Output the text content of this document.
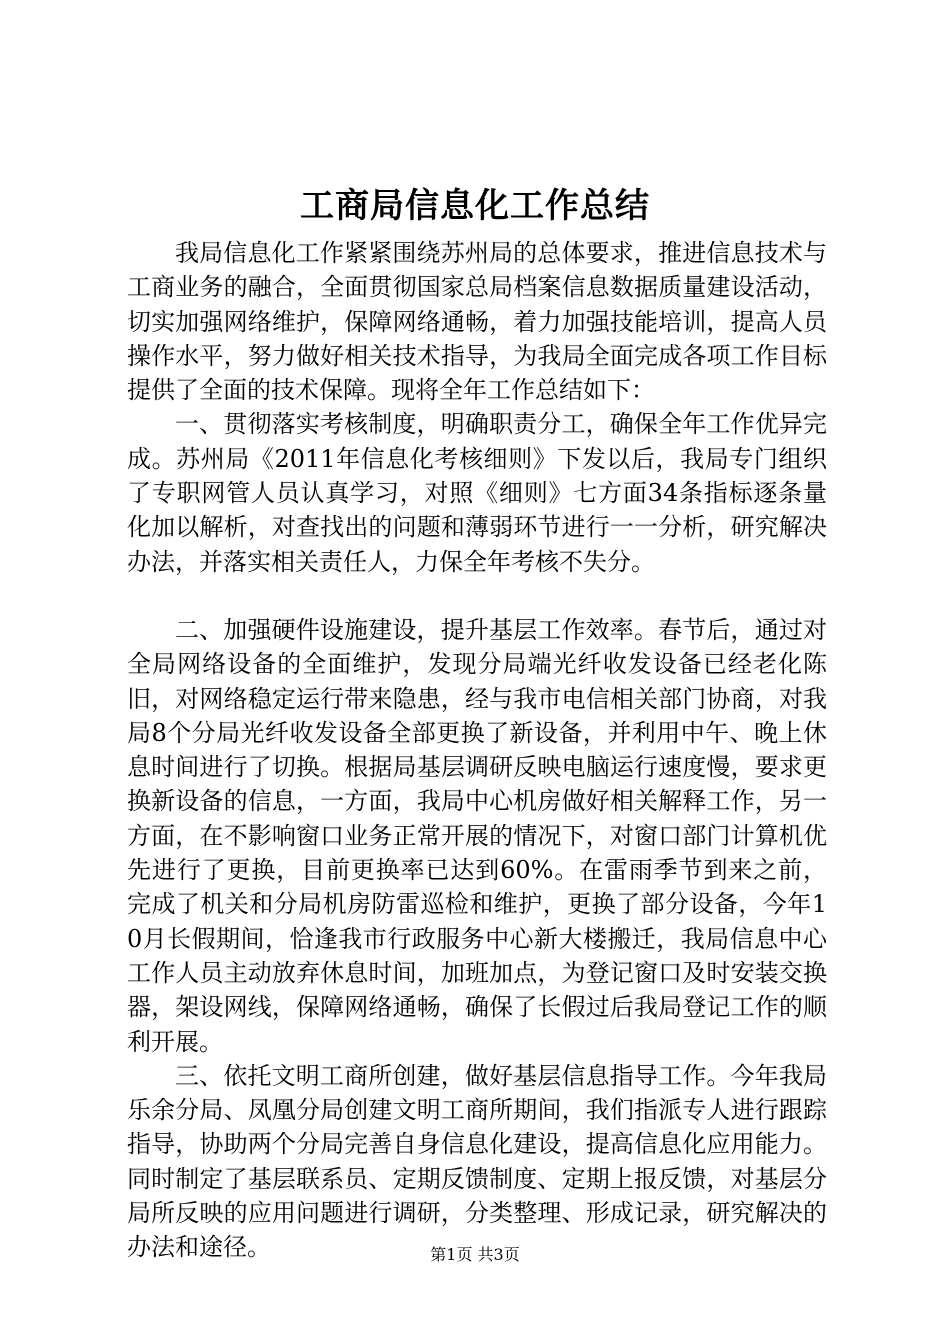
工商局信息化工作总结

我局信息化工作紧紧围绕苏州局的总体要求，推进信息技术与工商业务的融合，全面贯彻国家总局档案信息数据质量建设活动，切实加强网络维护，保障网络通畅，着力加强技能培训，提高人员操作水平，努力做好相关技术指导，为我局全面完成各项工作目标提供了全面的技术保障。现将全年工作总结如下：

一、贯彻落实考核制度，明确职责分工，确保全年工作优异完成。苏州局《2011年信息化考核细则》下发以后，我局专门组织了专职网管人员认真学习，对照《细则》七方面34条指标逐条量化加以解析，对查找出的问题和薄弱环节进行一一分析，研究解决办法，并落实相关责任人，力保全年考核不失分。

二、加强硬件设施建设，提升基层工作效率。春节后，通过对全局网络设备的全面维护，发现分局端光纤收发设备已经老化陈旧，对网络稳定运行带来隐患，经与我市电信相关部门协商，对我局8个分局光纤收发设备全部更换了新设备，并利用中午、晚上休息时间进行了切换。根据局基层调研反映电脑运行速度慢，要求更换新设备的信息，一方面，我局中心机房做好相关解释工作，另一方面，在不影响窗口业务正常开展的情况下，对窗口部门计算机优先进行了更换，目前更换率已达到60%。在雷雨季节到来之前，完成了机关和分局机房防雷巡检和维护，更换了部分设备，今年10月长假期间，恰逢我市行政服务中心新大楼搬迁，我局信息中心工作人员主动放弃休息时间，加班加点，为登记窗口及时安装交换器，架设网线，保障网络通畅，确保了长假过后我局登记工作的顺利开展。

三、依托文明工商所创建，做好基层信息指导工作。今年我局乐余分局、凤凰分局创建文明工商所期间，我们指派专人进行跟踪指导，协助两个分局完善自身信息化建设，提高信息化应用能力。同时制定了基层联系员、定期反馈制度、定期上报反馈，对基层分局所反映的应用问题进行调研，分类整理、形成记录，研究解决的办法和途径。	第1页 共3页
